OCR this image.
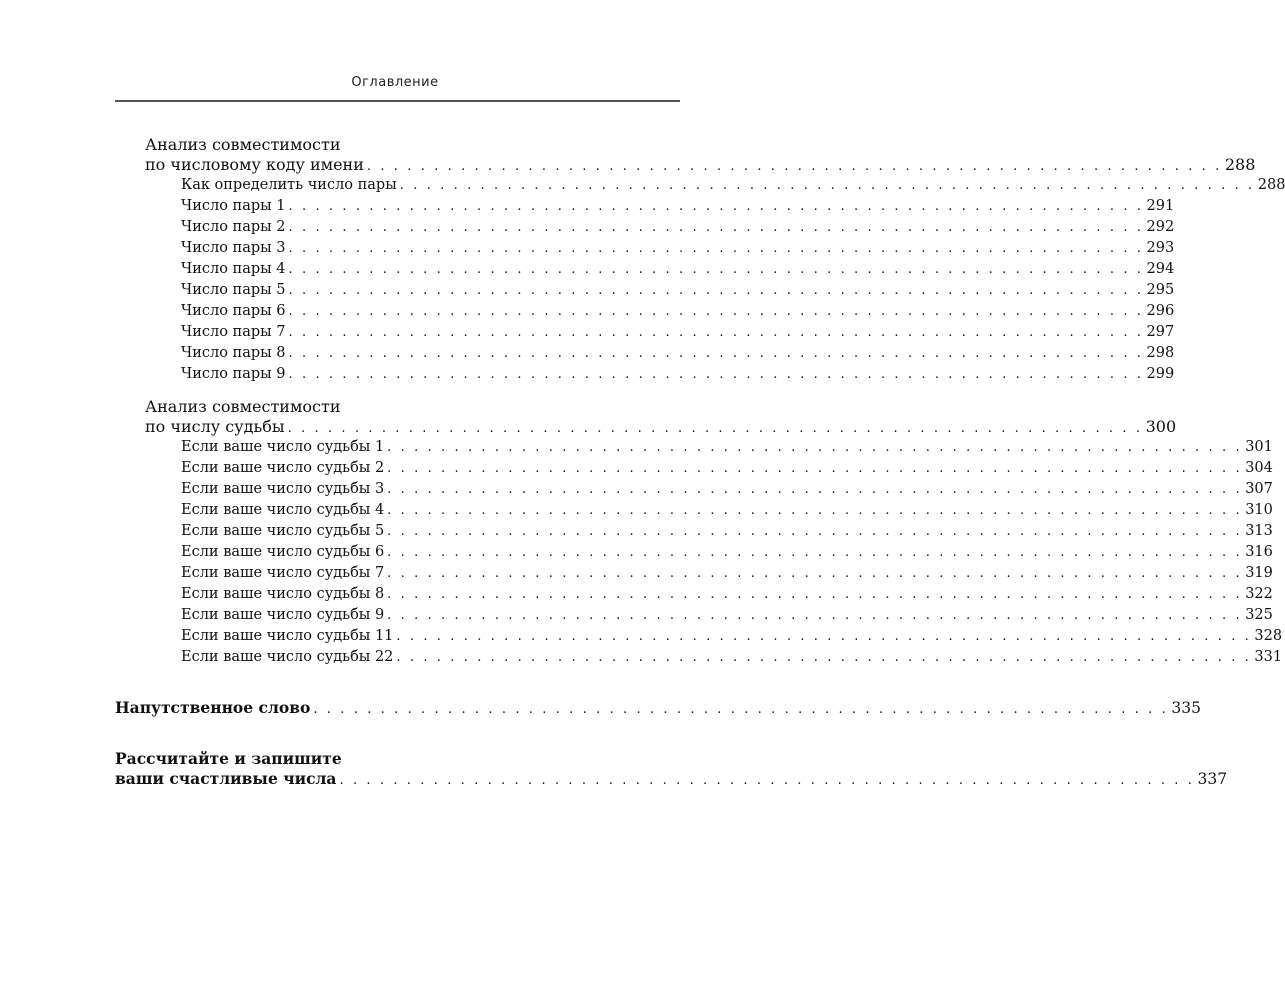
Оглавление
Анализ совместимости
по числовому коду имени . . . . . . . . . . . . . . . . . . . . . . . . . . . . . . . . . . . . . . . . . . . . . . . . . . . . . . . . . . . . . . . . 288
Как определить число пары . . . . . . . . . . . . . . . . . . . . . . . . . . . . . . . . . . . . . . . . . . . . . . . . . . . . . . . . . . . . . . . . 288
Число пары 1 . . . . . . . . . . . . . . . . . . . . . . . . . . . . . . . . . . . . . . . . . . . . . . . . . . . . . . . . . . . . . . . . 291
Число пары 2 . . . . . . . . . . . . . . . . . . . . . . . . . . . . . . . . . . . . . . . . . . . . . . . . . . . . . . . . . . . . . . . . 292
Число пары 3 . . . . . . . . . . . . . . . . . . . . . . . . . . . . . . . . . . . . . . . . . . . . . . . . . . . . . . . . . . . . . . . . 293
Число пары 4 . . . . . . . . . . . . . . . . . . . . . . . . . . . . . . . . . . . . . . . . . . . . . . . . . . . . . . . . . . . . . . . . 294
Число пары 5 . . . . . . . . . . . . . . . . . . . . . . . . . . . . . . . . . . . . . . . . . . . . . . . . . . . . . . . . . . . . . . . . 295
Число пары 6 . . . . . . . . . . . . . . . . . . . . . . . . . . . . . . . . . . . . . . . . . . . . . . . . . . . . . . . . . . . . . . . . 296
Число пары 7 . . . . . . . . . . . . . . . . . . . . . . . . . . . . . . . . . . . . . . . . . . . . . . . . . . . . . . . . . . . . . . . . 297
Число пары 8 . . . . . . . . . . . . . . . . . . . . . . . . . . . . . . . . . . . . . . . . . . . . . . . . . . . . . . . . . . . . . . . . 298
Число пары 9 . . . . . . . . . . . . . . . . . . . . . . . . . . . . . . . . . . . . . . . . . . . . . . . . . . . . . . . . . . . . . . . . 299
Анализ совместимости
по числу судьбы . . . . . . . . . . . . . . . . . . . . . . . . . . . . . . . . . . . . . . . . . . . . . . . . . . . . . . . . . . . . . . . . 300
Если ваше число судьбы 1 . . . . . . . . . . . . . . . . . . . . . . . . . . . . . . . . . . . . . . . . . . . . . . . . . . . . . . . . . . . . . . . . 301
Если ваше число судьбы 2 . . . . . . . . . . . . . . . . . . . . . . . . . . . . . . . . . . . . . . . . . . . . . . . . . . . . . . . . . . . . . . . . 304
Если ваше число судьбы 3 . . . . . . . . . . . . . . . . . . . . . . . . . . . . . . . . . . . . . . . . . . . . . . . . . . . . . . . . . . . . . . . . 307
Если ваше число судьбы 4 . . . . . . . . . . . . . . . . . . . . . . . . . . . . . . . . . . . . . . . . . . . . . . . . . . . . . . . . . . . . . . . . 310
Если ваше число судьбы 5 . . . . . . . . . . . . . . . . . . . . . . . . . . . . . . . . . . . . . . . . . . . . . . . . . . . . . . . . . . . . . . . . 313
Если ваше число судьбы 6 . . . . . . . . . . . . . . . . . . . . . . . . . . . . . . . . . . . . . . . . . . . . . . . . . . . . . . . . . . . . . . . . 316
Если ваше число судьбы 7 . . . . . . . . . . . . . . . . . . . . . . . . . . . . . . . . . . . . . . . . . . . . . . . . . . . . . . . . . . . . . . . . 319
Если ваше число судьбы 8 . . . . . . . . . . . . . . . . . . . . . . . . . . . . . . . . . . . . . . . . . . . . . . . . . . . . . . . . . . . . . . . . 322
Если ваше число судьбы 9 . . . . . . . . . . . . . . . . . . . . . . . . . . . . . . . . . . . . . . . . . . . . . . . . . . . . . . . . . . . . . . . . 325
Если ваше число судьбы 11 . . . . . . . . . . . . . . . . . . . . . . . . . . . . . . . . . . . . . . . . . . . . . . . . . . . . . . . . . . . . . . . . 328
Если ваше число судьбы 22 . . . . . . . . . . . . . . . . . . . . . . . . . . . . . . . . . . . . . . . . . . . . . . . . . . . . . . . . . . . . . . . . 331
Напутственное слово . . . . . . . . . . . . . . . . . . . . . . . . . . . . . . . . . . . . . . . . . . . . . . . . . . . . . . . . . . . . . . . . 335
Рассчитайте и запишите
ваши счастливые числа . . . . . . . . . . . . . . . . . . . . . . . . . . . . . . . . . . . . . . . . . . . . . . . . . . . . . . . . . . . . . . . . 337
